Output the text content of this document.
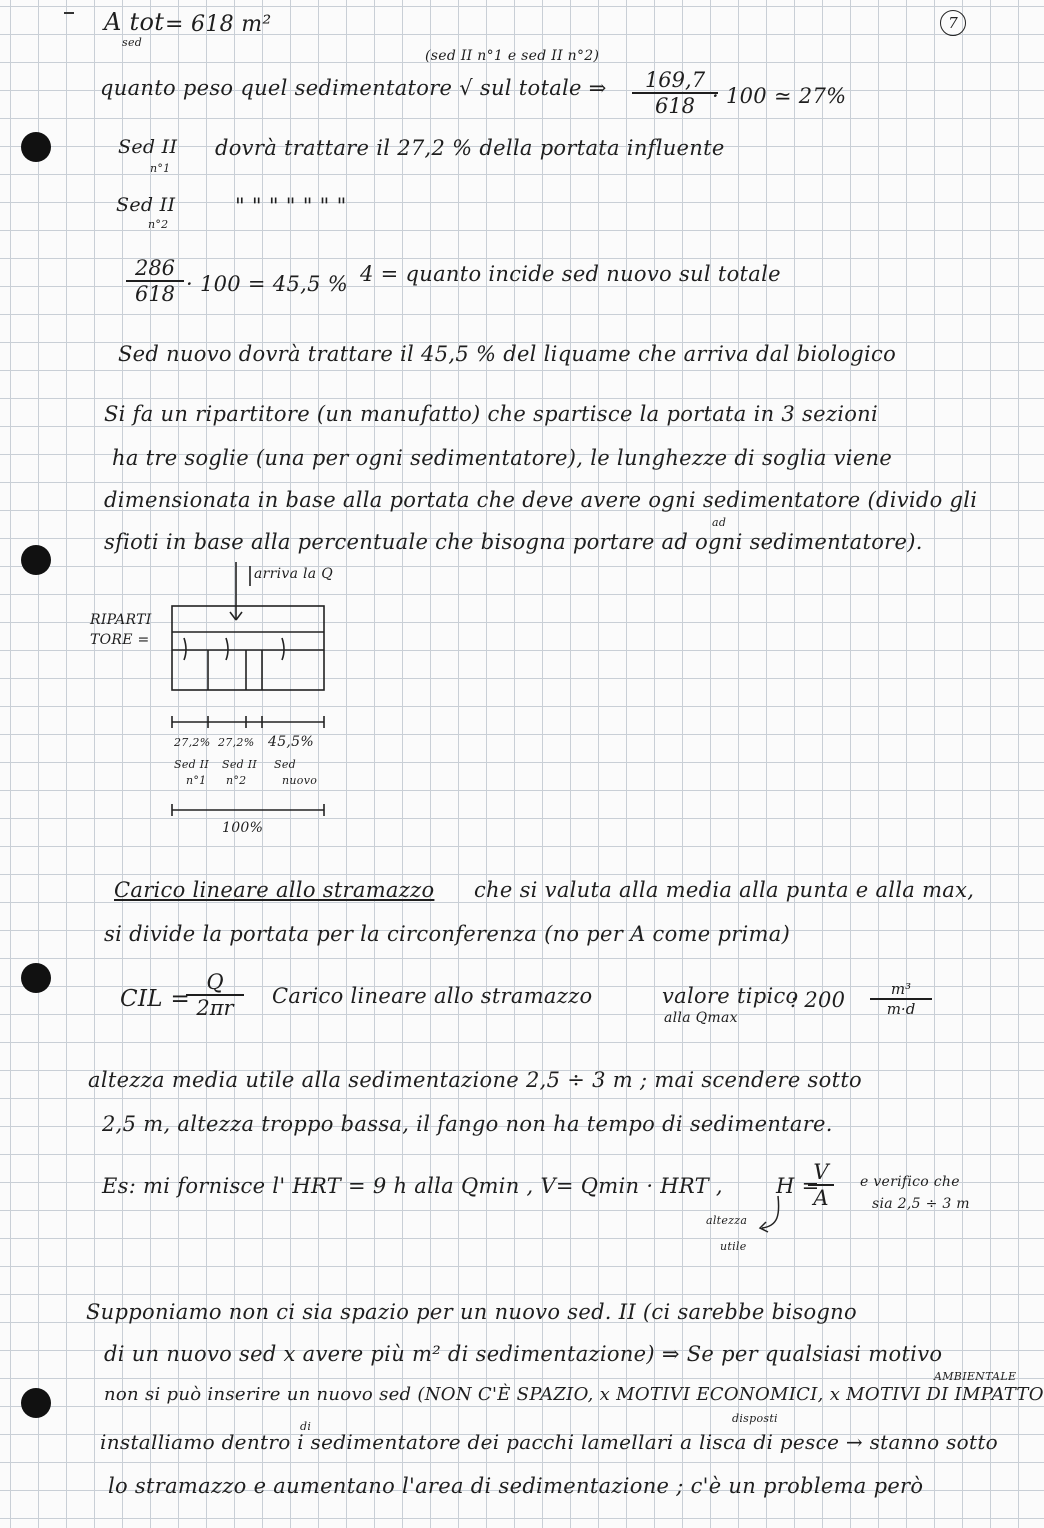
7
A tot
sed
= 618 m²
(sed II n°1 e sed II n°2)
quanto peso quel sedimentatore √ sul totale ⇒ $\frac{169,7}{618}$
· 100 ≃ 27%
Sed II
n°1
dovrà trattare il 27,2 % della portata influente
Sed II
n°2
" " " " " " "
$\frac{286}{618} \cdot 100 = 45,5$ % 4 = quanto incide sed nuovo sul totale
Sed nuovo dovrà trattare il 45,5 % del liquame che arriva dal biologico
Si fa un ripartitore (un manufatto) che spartisce la portata in 3 sezioni
ha tre soglie (una per ogni sedimentatore), le lunghezze di soglia viene
dimensionata in base alla portata che deve avere ogni sedimentatore (divido gli
ad
sfioti in base alla percentuale che bisogna portare ad ogni sedimentatore).
arriva la Q
RIPARTI
TORE =
27,2% 27,2% 45,5%
Sed II
n°1
Sed II
n°2
Sed
nuovo
100%
Carico lineare allo stramazzo che si valuta alla media alla punta e alla max,
si divide la portata per la circonferenza (no per A come prima)
CIL =
$\frac{Q}{2\pi r}$ Carico lineare allo stramazzo	valore tipico
alla Qmax
: $200 \frac{\text{m³}}{m\cdot d}$
altezza media utile alla sedimentazione 2,5 ÷ 3 m ; mai scendere sotto
2,5 m, altezza troppo bassa, il fango non ha tempo di sedimentare.
Es: mi fornisce l' HRT = 9 h alla Qmin , V= Qmin · HRT ,	H =
$\frac{V}{A}$ e verifico che
sia 2,5 ÷ 3 m
altezza
utile
Supponiamo non ci sia spazio per un nuovo sed. II (ci sarebbe bisogno
di un nuovo sed x avere più m² di sedimentazione) ⇒ Se per qualsiasi motivo
AMBIENTALE
non si può inserire un nuovo sed (NON C'È SPAZIO, x MOTIVI ECONOMICI, x MOTIVI DI IMPATTO
disposti
di
installiamo dentro i sedimentatore dei pacchi lamellari a lisca di pesce → stanno sotto
lo stramazzo e aumentano l'area di sedimentazione ; c'è un problema però
